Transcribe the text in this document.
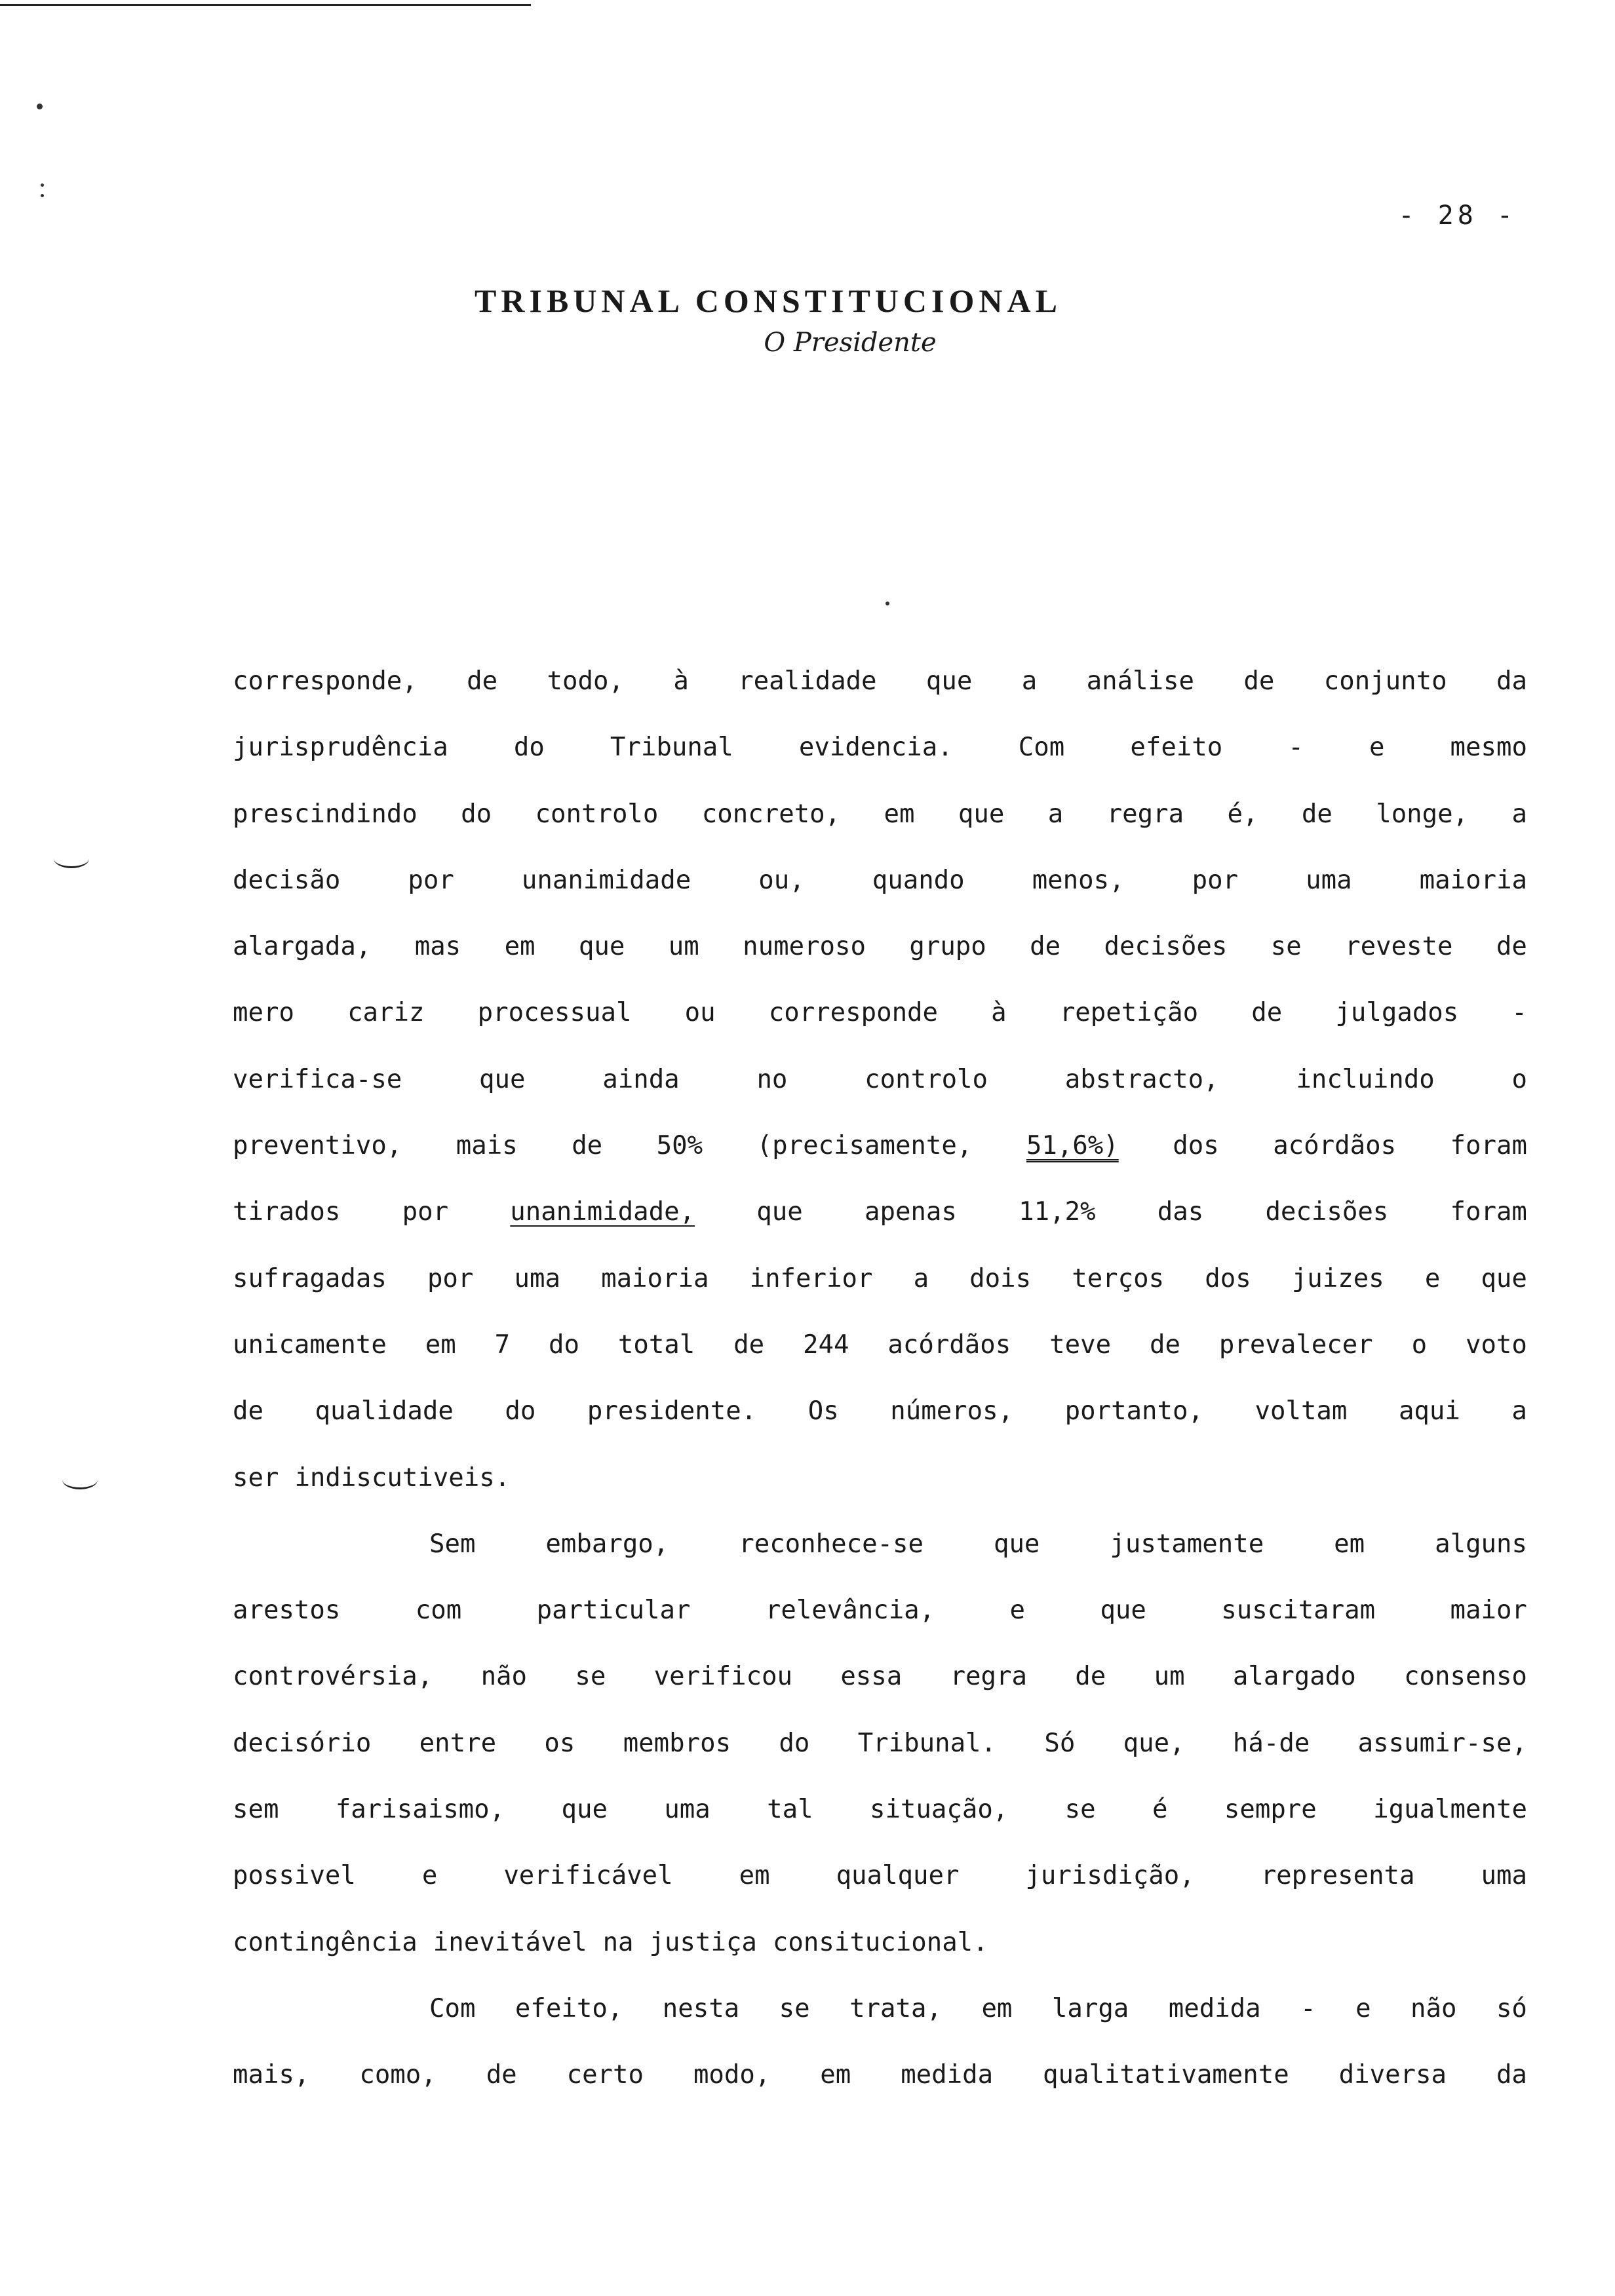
- 28 -
TRIBUNAL CONSTITUCIONAL
O Presidente
corresponde, de todo, à realidade que a análise de conjunto da
jurisprudência	do	Tribunal	evidencia.	Com	efeito	-	e	mesmo
prescindindo do controlo concreto, em que a regra é, de longe, a
decisão	por	unanimidade	ou,	quando	menos,	por	uma	maioria
alargada, mas em que um numeroso grupo de decisões se reveste de
mero cariz processual ou corresponde à repetição de julgados -
verifica-se	que	ainda	no	controlo	abstracto,	incluindo	o
preventivo, mais de 50% (precisamente, 51,6%) dos acórdãos foram
tirados por unanimidade, que apenas 11,2% das decisões foram
sufragadas por uma maioria inferior a dois terços dos juizes e que
unicamente em 7 do total de 244 acórdãos teve de prevalecer o voto
de qualidade do presidente. Os números, portanto, voltam aqui a
ser indiscutiveis.
Sem	embargo,	reconhece-se	que	justamente	em	alguns
arestos	com	particular	relevância,	e	que	suscitaram	maior
controvérsia, não se verificou essa regra de um alargado consenso
decisório entre os membros do Tribunal. Só que, há-de assumir-se,
sem farisaismo, que uma tal situação, se é sempre igualmente
possivel	e	verificável	em	qualquer	jurisdição,	representa	uma
contingência inevitável na justiça consitucional.
Com efeito, nesta se trata, em larga medida - e não só
mais, como, de certo modo, em medida qualitativamente diversa da
